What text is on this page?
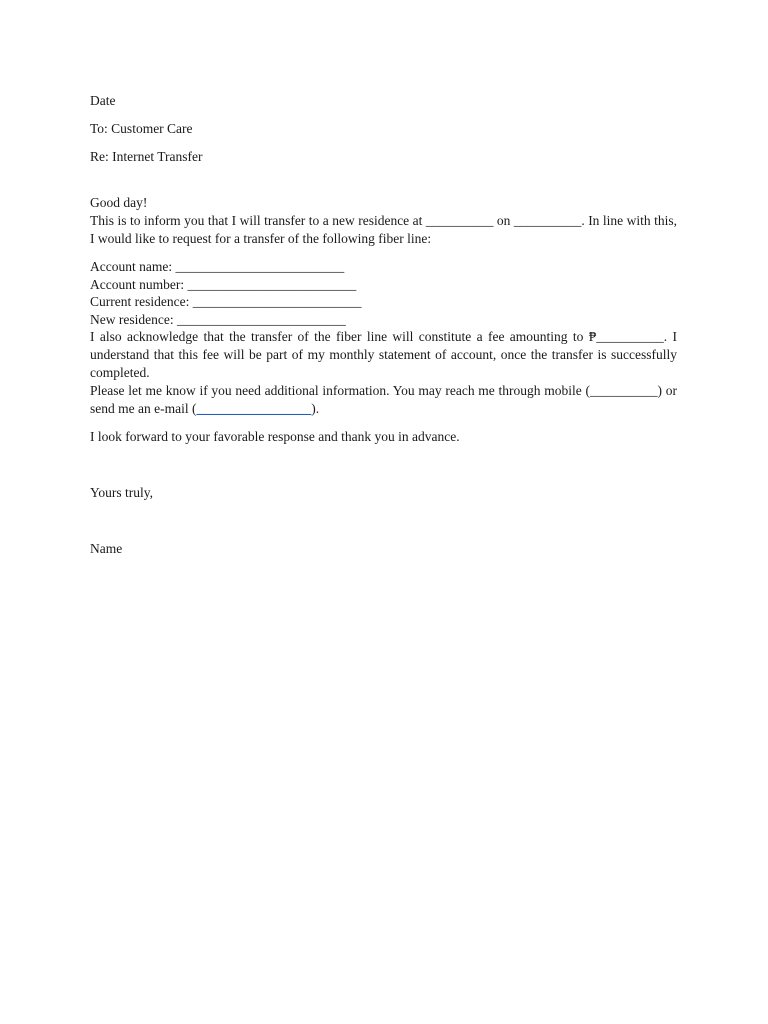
Date

To: Customer Care

Re: Internet Transfer

Good day!

This is to inform you that I will transfer to a new residence at __________ on __________. In line with this, I would like to request for a transfer of the following fiber line:

Account name: _________________________

Account number: _________________________

Current residence: _________________________

New residence: _________________________

I also acknowledge that the transfer of the fiber line will constitute a fee amounting to ₱__________. I understand that this fee will be part of my monthly statement of account, once the transfer is successfully completed.

Please let me know if you need additional information. You may reach me through mobile (__________) or send me an e-mail (_________________).

I look forward to your favorable response and thank you in advance.

Yours truly,

Name
